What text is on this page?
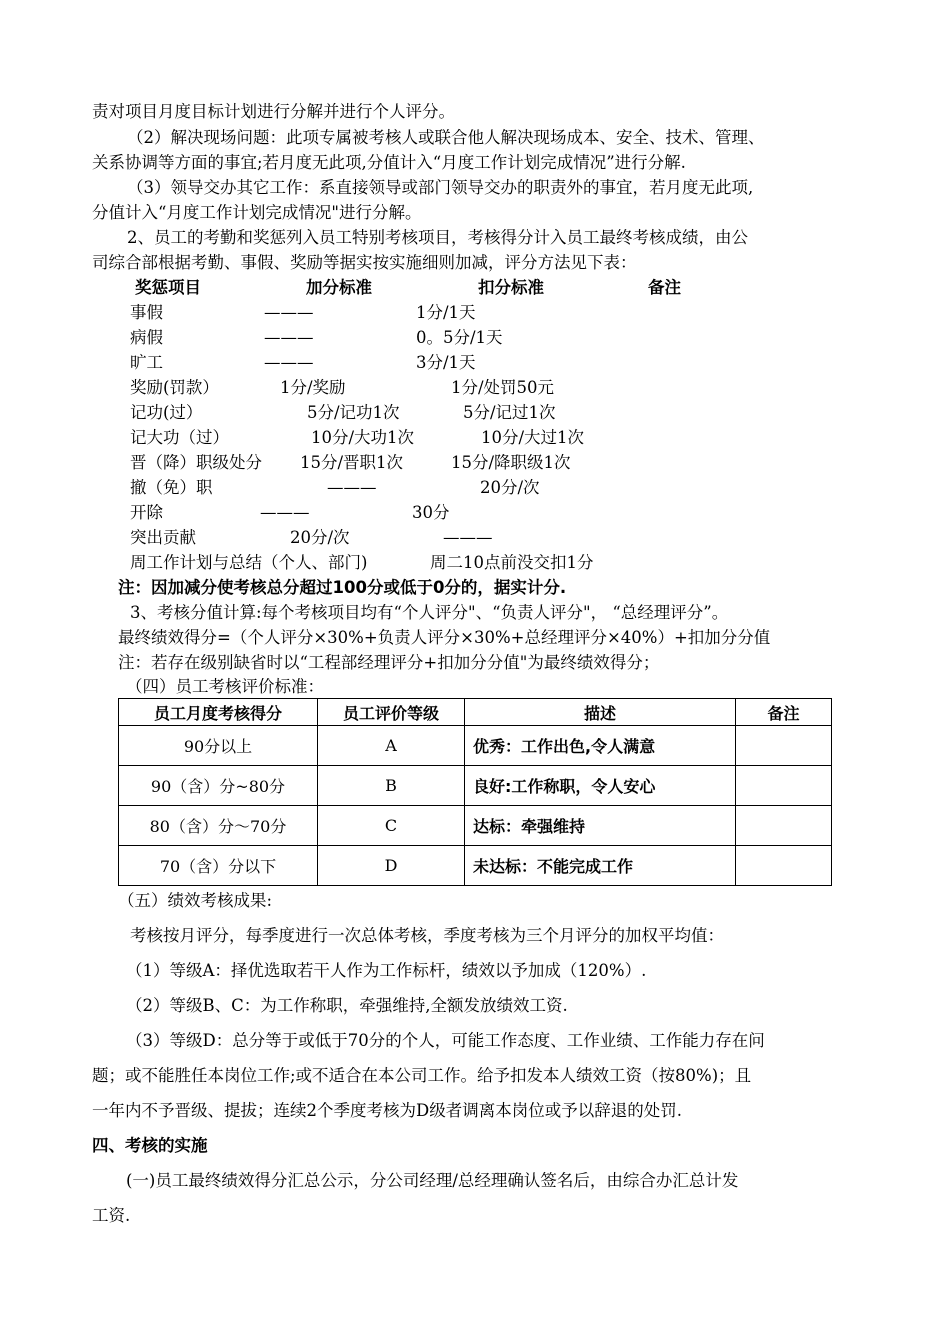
责对项目月度目标计划进行分解并进行个人评分。
（2）解决现场问题：此项专属被考核人或联合他人解决现场成本、安全、技术、管理、
关系协调等方面的事宜;若月度无此项,分值计入“月度工作计划完成情况”进行分解.
（3）领导交办其它工作：系直接领导或部门领导交办的职责外的事宜，若月度无此项,
分值计入“月度工作计划完成情况"进行分解。
2、员工的考勤和奖惩列入员工特别考核项目，考核得分计入员工最终考核成绩，由公
司综合部根据考勤、事假、奖励等据实按实施细则加减，评分方法见下表：
奖惩项目	加分标准	扣分标准	备注
事假	———	1分/1天
病假	———	0。5分/1天
旷工	———	3分/1天
奖励(罚款）	1分/奖励	1分/处罚50元
记功(过）	5分/记功1次	5分/记过1次
记大功（过）	10分/大功1次	10分/大过1次
晋（降）职级处分 15分/晋职1次	15分/降职级1次
撤（免）职	———	20分/次
开除	———	30分
突出贡献	20分/次	———
周工作计划与总结（个人、部门)	周二10点前没交扣1分
注：因加减分使考核总分超过100分或低于0分的，据实计分.
3、考核分值计算:每个考核项目均有“个人评分"、“负责人评分"， “总经理评分”。
最终绩效得分=（个人评分×30%+负责人评分×30%+总经理评分×40%）+扣加分分值
注：若存在级别缺省时以“工程部经理评分+扣加分分值"为最终绩效得分；
（四）员工考核评价标准：
员工月度考核得分	员工评价等级	描述	备注
90分以上	A	优秀：工作出色,令人满意	
90（含）分~80分	B	良好:工作称职，令人安心	
80（含）分～70分	C	达标：牵强维持	
70（含）分以下	D	未达标：不能完成工作	
（五）绩效考核成果:
考核按月评分，每季度进行一次总体考核，季度考核为三个月评分的加权平均值：
（1）等级A：择优选取若干人作为工作标杆，绩效以予加成（120%）.
（2）等级B、C：为工作称职，牵强维持,全额发放绩效工资.
（3）等级D：总分等于或低于70分的个人，可能工作态度、工作业绩、工作能力存在问
题；或不能胜任本岗位工作;或不适合在本公司工作。给予扣发本人绩效工资（按80%)；且
一年内不予晋级、提拔；连续2个季度考核为D级者调离本岗位或予以辞退的处罚.
四、考核的实施
(一)员工最终绩效得分汇总公示，分公司经理/总经理确认签名后，由综合办汇总计发
工资.
